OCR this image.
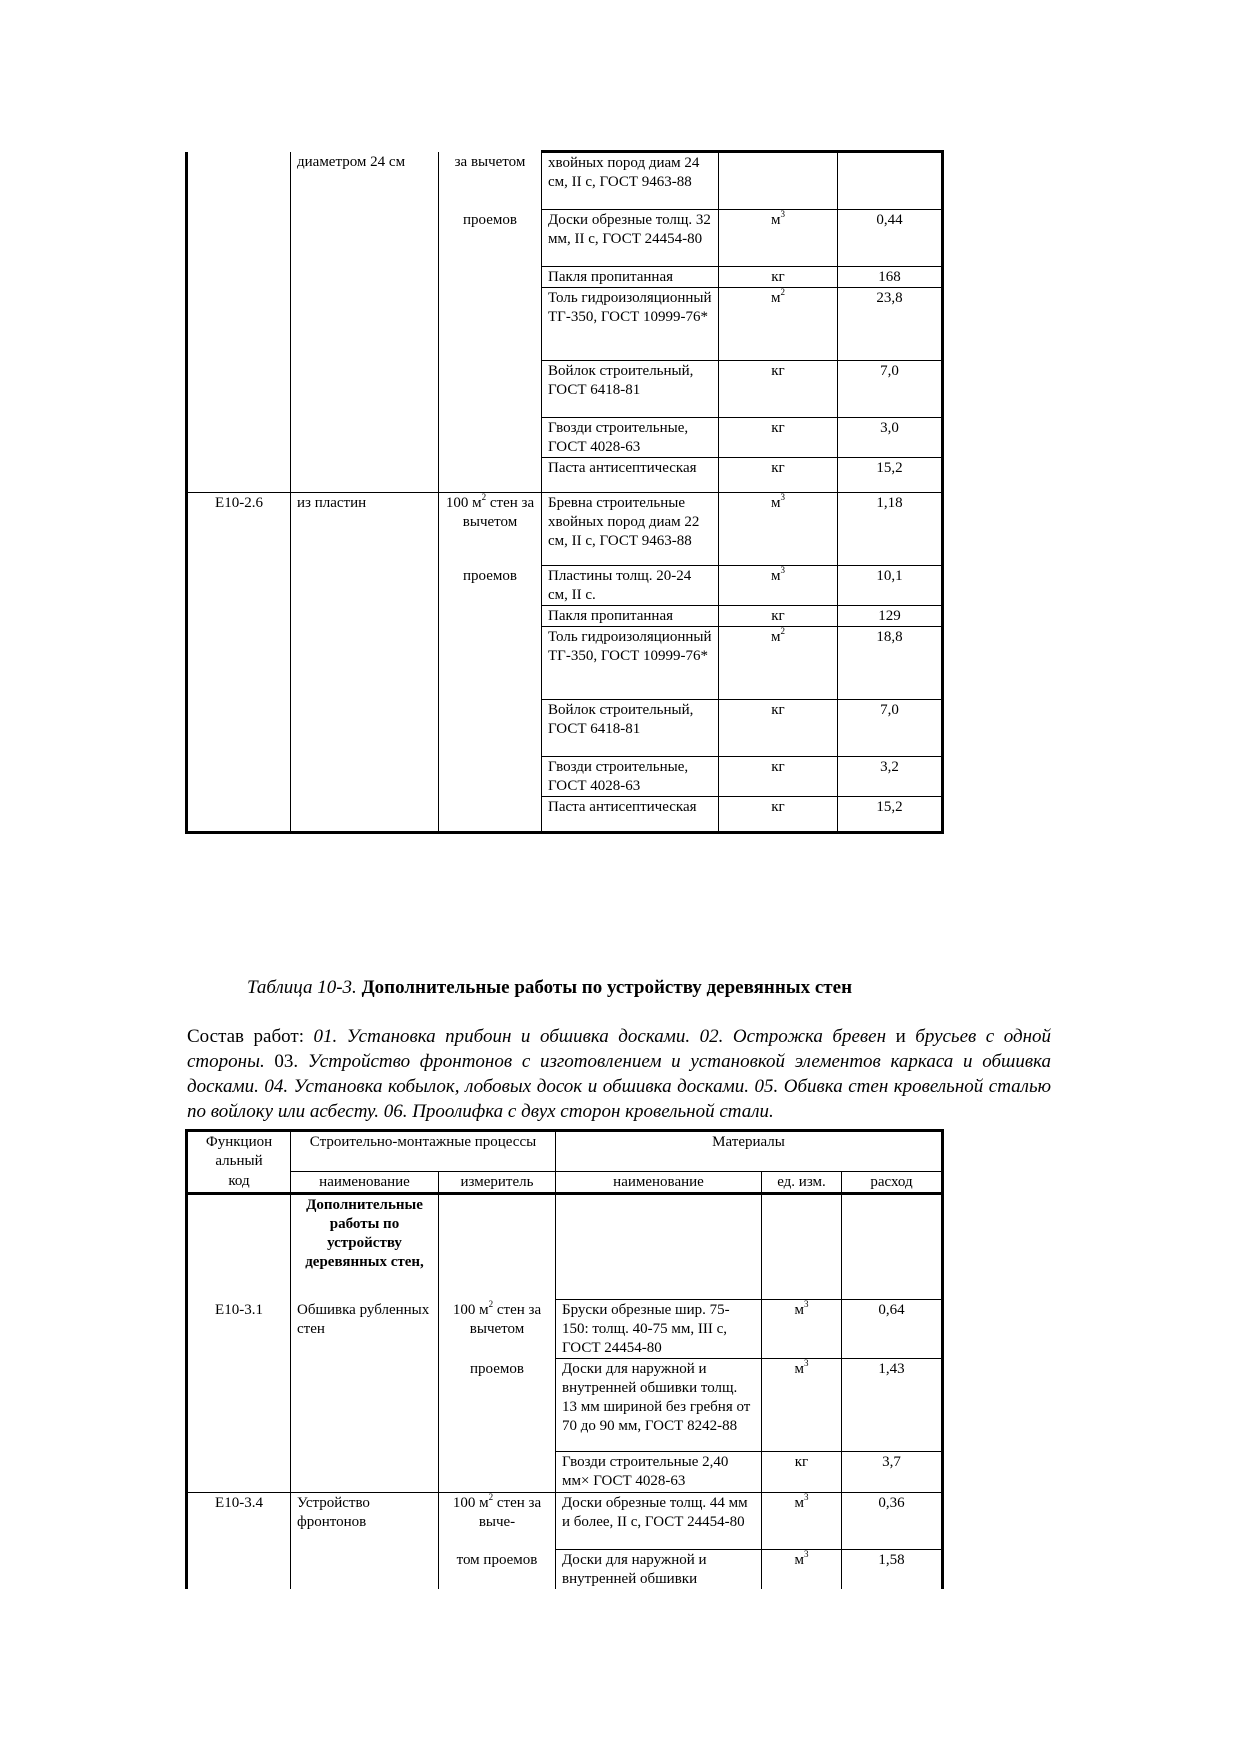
	диаметром 24 см	за вычетом	хвойных пород диам 24 см, II с, ГОСТ 9463-88		
		проемов	Доски обрезные толщ. 32 мм, II с, ГОСТ 24454-80	$м^3$	0,44
			Пакля пропитанная	кг	168
			Толь гидроизоляционный ТГ-350, ГОСТ 10999-76*	$м^2$	23,8
			Войлок строительный, ГОСТ 6418-81	кг	7,0
			Гвозди строительные, ГОСТ 4028-63	кг	3,0
			Паста антисептическая	кг	15,2
Е10-2.6	из пластин	100 $м^2$ стен за вычетом	Бревна строительные хвойных пород диам 22 см, II с, ГОСТ 9463-88	$м^3$	1,18
		проемов	Пластины толщ. 20-24 см, II с.	$м^3$	10,1
			Пакля пропитанная	кг	129
			Толь гидроизоляционный ТГ-350, ГОСТ 10999-76*	$м^2$	18,8
			Войлок строительный, ГОСТ 6418-81	кг	7,0
			Гвозди строительные, ГОСТ 4028-63	кг	3,2
			Паста антисептическая	кг	15,2
Таблица 10-3. Дополнительные работы по устройству деревянных стен
Состав работ: 01. Установка прибоин и обшивка досками. 02. Острожка бревен и брусьев с одной стороны. 03. Устройство фронтонов с изготовлением и установкой элементов каркаса и обшивка досками. 04. Установка кобылок, лобовых досок и обшивка досками. 05. Обивка стен кровельной сталью по войлоку или асбесту. 06. Проолифка с двух сторон кровельной стали.
Функцион альный	Строительно-монтажные процессы		Материалы		
код	наименование	измеритель	наименование	ед. изм.	расход
	Дополнительные работы по устройству деревянных стен,				
Е10-3.1	Обшивка рубленных стен	100 $м^2$ стен за вычетом	Бруски обрезные шир. 75-150: толщ. 40-75 мм, III с, ГОСТ 24454-80	$м^3$	0,64
		проемов	Доски для наружной и внутренней обшивки толщ. 13 мм шириной без гребня от 70 до 90 мм, ГОСТ 8242-88	$м^3$	1,43
			Гвозди строительные 2,40 мм× ГОСТ 4028-63	кг	3,7
Е10-3.4	Устройство фронтонов	100 $м^2$ стен за выче-	Доски обрезные толщ. 44 мм и более, II с, ГОСТ 24454-80	$м^3$	0,36
		том проемов	Доски для наружной и внутренней обшивки	$м^3$	1,58
